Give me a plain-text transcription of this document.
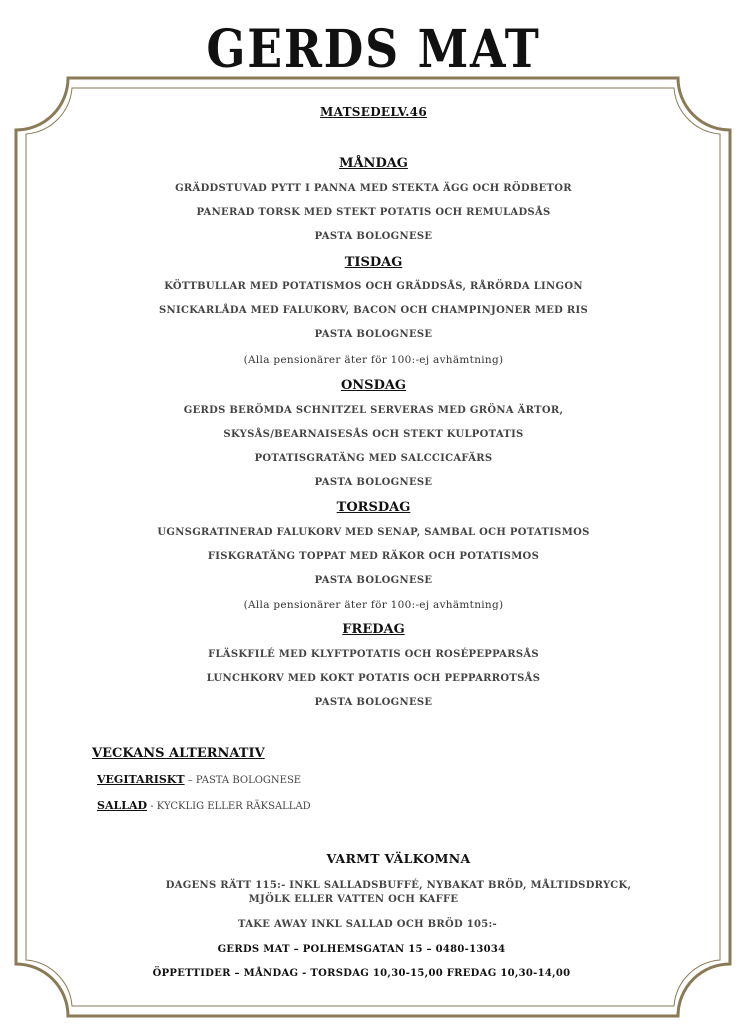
GERDS MAT
MATSEDELV.46
MÅNDAG
GRÄDDSTUVAD PYTT I PANNA MED STEKTA ÄGG OCH RÖDBETOR
PANERAD TORSK MED STEKT POTATIS OCH REMULADSÅS
PASTA BOLOGNESE
TISDAG
KÖTTBULLAR MED POTATISMOS OCH GRÄDDSÅS, RÅRÖRDA LINGON
SNICKARLÅDA MED FALUKORV, BACON OCH CHAMPINJONER MED RIS
PASTA BOLOGNESE
(Alla pensionärer äter för 100:-ej avhämtning)
ONSDAG
GERDS BERÖMDA SCHNITZEL SERVERAS MED GRÖNA ÄRTOR,
SKYSÅS/BEARNAISESÅS OCH STEKT KULPOTATIS
POTATISGRATÄNG MED SALCCICAFÄRS
PASTA BOLOGNESE
TORSDAG
UGNSGRATINERAD FALUKORV MED SENAP, SAMBAL OCH POTATISMOS
FISKGRATÄNG TOPPAT MED RÄKOR OCH POTATISMOS
PASTA BOLOGNESE
(Alla pensionärer äter för 100:-ej avhämtning)
FREDAG
FLÄSKFILÉ MED KLYFTPOTATIS OCH ROSÉPEPPARSÅS
LUNCHKORV MED KOKT POTATIS OCH PEPPARROTSÅS
PASTA BOLOGNESE
VECKANS ALTERNATIV
VEGITARISKT – PASTA BOLOGNESE
SALLAD - KYCKLIG ELLER RÄKSALLAD
VARMT VÄLKOMNA
DAGENS RÄTT 115:- INKL SALLADSBUFFÉ, NYBAKAT BRÖD, MÅLTIDSDRYCK,
MJÖLK ELLER VATTEN OCH KAFFE
TAKE AWAY INKL SALLAD OCH BRÖD 105:-
GERDS MAT – POLHEMSGATAN 15 – 0480-13034
ÖPPETTIDER – MÅNDAG - TORSDAG 10,30-15,00 FREDAG 10,30-14,00
